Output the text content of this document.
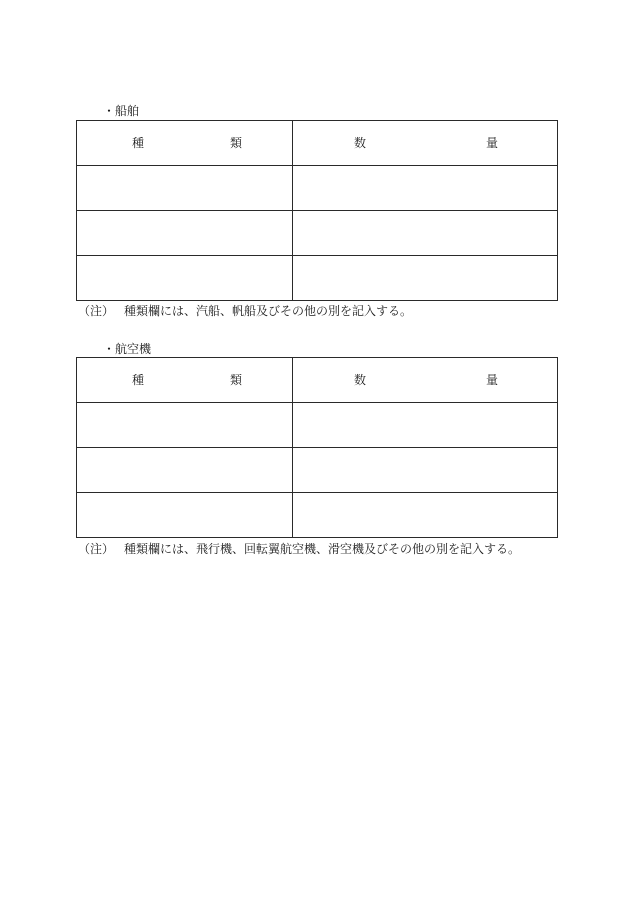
・船舶
種 類	数 量

（注） 種類欄には、汽船、帆船及びその他の別を記入する。
・航空機
種 類	数 量

（注） 種類欄には、飛行機、回転翼航空機、滑空機及びその他の別を記入する。
